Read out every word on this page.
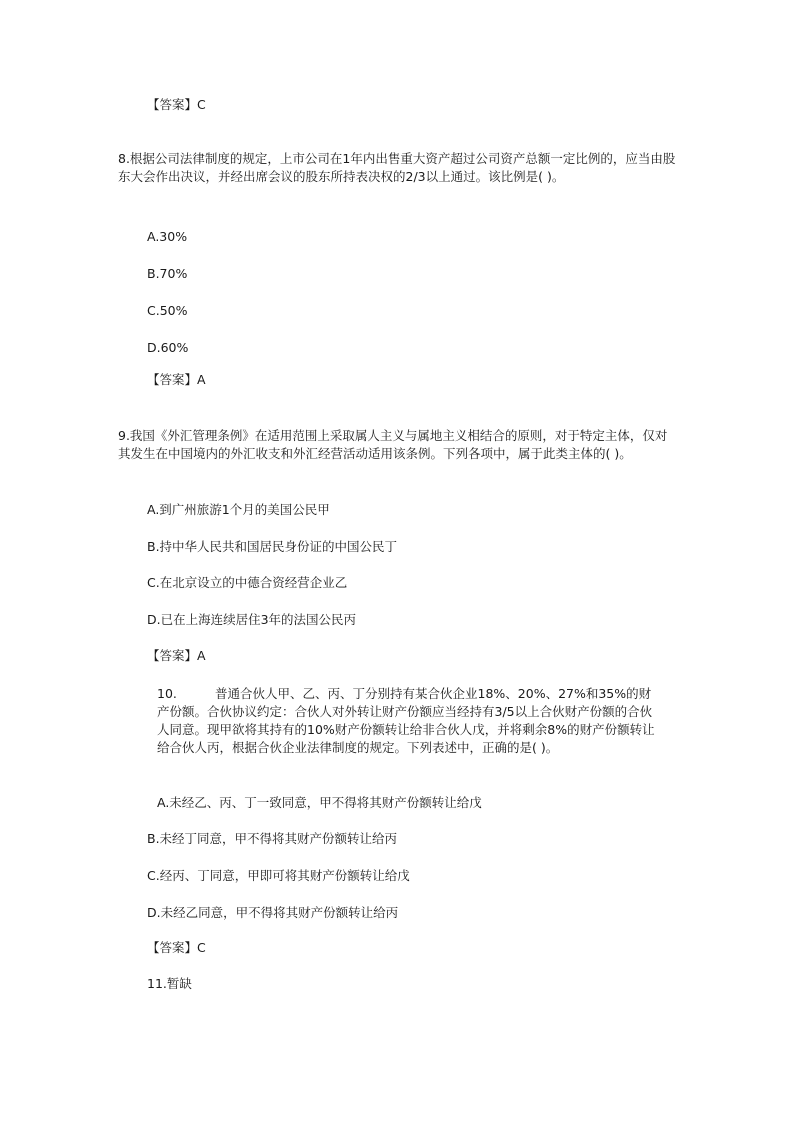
【答案】C
8.根据公司法律制度的规定，上市公司在1年内出售重大资产超过公司资产总额一定比例的，应当由股东大会作出决议，并经出席会议的股东所持表决权的2/3以上通过。该比例是( )。
A.30%
B.70%
C.50%
D.60%
【答案】A
9.我国《外汇管理条例》在适用范围上采取属人主义与属地主义相结合的原则，对于特定主体，仅对其发生在中国境内的外汇收支和外汇经营活动适用该条例。下列各项中，属于此类主体的( )。
A.到广州旅游1个月的美国公民甲
B.持中华人民共和国居民身份证的中国公民丁
C.在北京设立的中德合资经营企业乙
D.已在上海连续居住3年的法国公民丙
【答案】A
10.	普通合伙人甲、乙、丙、丁分别持有某合伙企业18%、20%、27%和35%的财产份额。合伙协议约定：合伙人对外转让财产份额应当经持有3/5以上合伙财产份额的合伙人同意。现甲欲将其持有的10%财产份额转让给非合伙人戊，并将剩余8%的财产份额转让给合伙人丙，根据合伙企业法律制度的规定。下列表述中，正确的是( )。
A.未经乙、丙、丁一致同意，甲不得将其财产份额转让给戊
B.未经丁同意，甲不得将其财产份额转让给丙
C.经丙、丁同意，甲即可将其财产份额转让给戊
D.未经乙同意，甲不得将其财产份额转让给丙
【答案】C
11.暂缺
